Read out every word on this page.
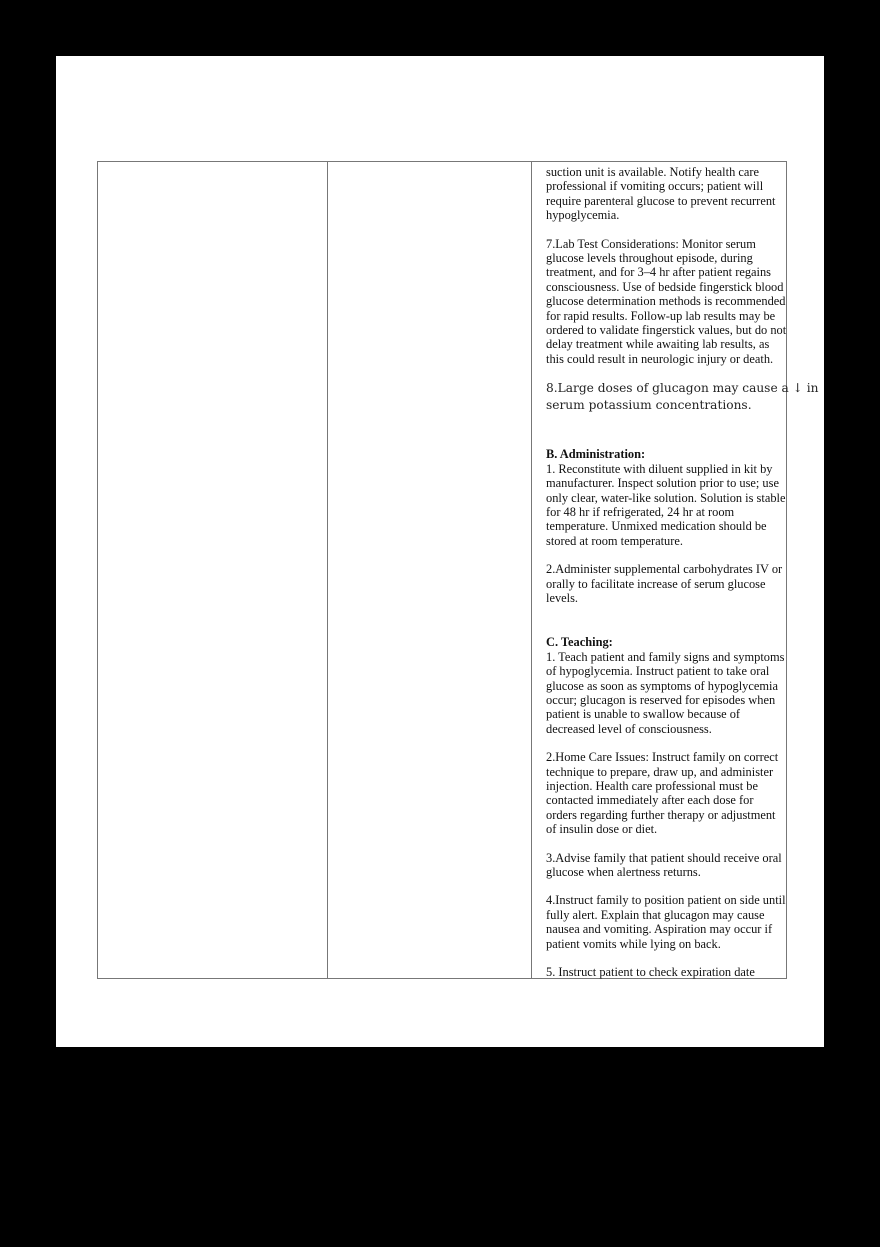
suction unit is available. Notify health care
professional if vomiting occurs; patient will
require parenteral glucose to prevent recurrent
hypoglycemia.

7.Lab Test Considerations: Monitor serum
glucose levels throughout episode, during
treatment, and for 3–4 hr after patient regains
consciousness. Use of bedside fingerstick blood
glucose determination methods is recommended
for rapid results. Follow-up lab results may be
ordered to validate fingerstick values, but do not
delay treatment while awaiting lab results, as
this could result in neurologic injury or death.

8.Large doses of glucagon may cause a ↓ in
serum potassium concentrations.

B. Administration:
1. Reconstitute with diluent supplied in kit by
manufacturer. Inspect solution prior to use; use
only clear, water-like solution. Solution is stable
for 48 hr if refrigerated, 24 hr at room
temperature. Unmixed medication should be
stored at room temperature.

2.Administer supplemental carbohydrates IV or
orally to facilitate increase of serum glucose
levels.

C. Teaching:
1. Teach patient and family signs and symptoms
of hypoglycemia. Instruct patient to take oral
glucose as soon as symptoms of hypoglycemia
occur; glucagon is reserved for episodes when
patient is unable to swallow because of
decreased level of consciousness.

2.Home Care Issues: Instruct family on correct
technique to prepare, draw up, and administer
injection. Health care professional must be
contacted immediately after each dose for
orders regarding further therapy or adjustment
of insulin dose or diet.

3.Advise family that patient should receive oral
glucose when alertness returns.

4.Instruct family to position patient on side until
fully alert. Explain that glucagon may cause
nausea and vomiting. Aspiration may occur if
patient vomits while lying on back.

5. Instruct patient to check expiration date
